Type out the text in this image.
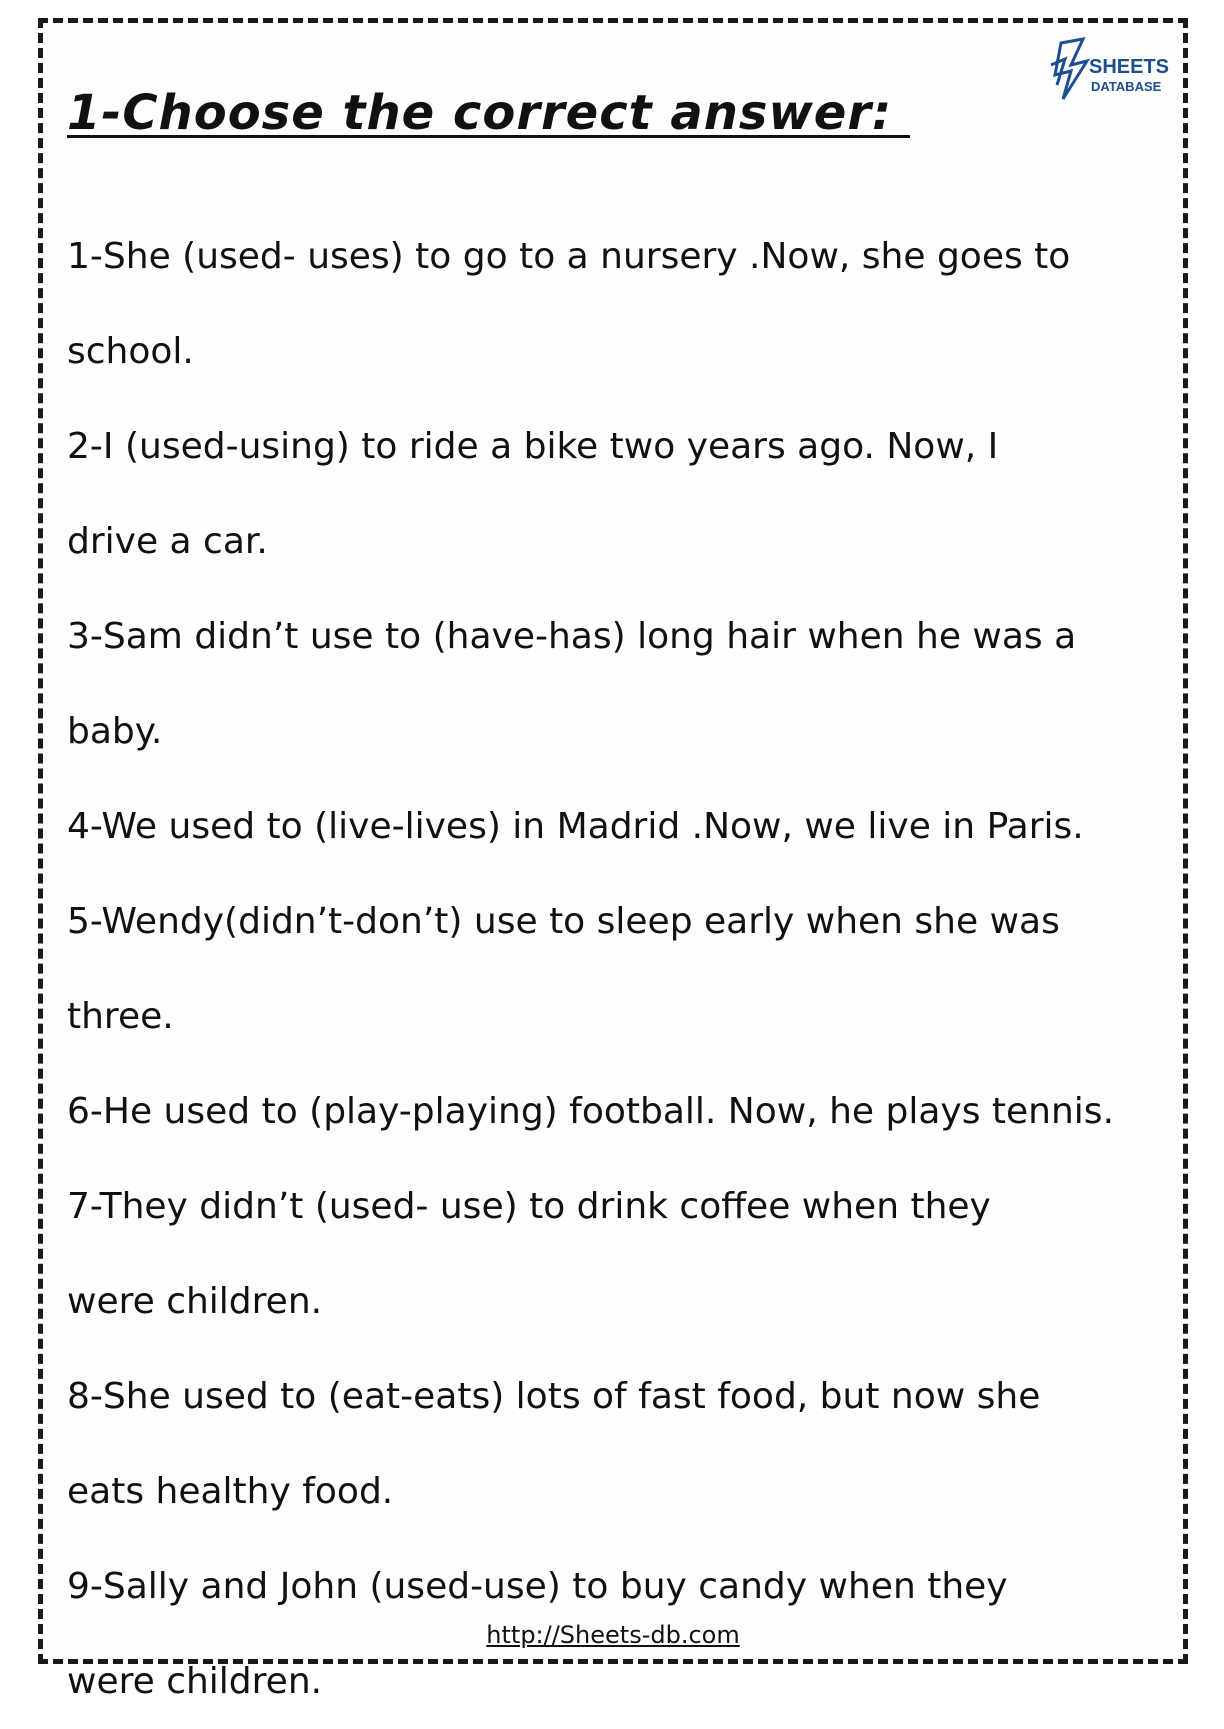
SHEETS
DATABASE
1-Choose the correct answer:
1-She (used- uses) to go to a nursery .Now, she goes to school.
2-I (used-using) to ride a bike two years ago. Now, I drive a car.
3-Sam didn’t use to (have-has) long hair when he was a baby.
4-We used to (live-lives) in Madrid .Now, we live in Paris.
5-Wendy(didn’t-don’t) use to sleep early when she was three.
6-He used to (play-playing) football. Now, he plays tennis.
7-They didn’t (used- use) to drink coffee when they were children.
8-She used to (eat-eats) lots of fast food, but now she eats healthy food.
9-Sally and John (used-use) to buy candy when they were children.
http://Sheets-db.com
